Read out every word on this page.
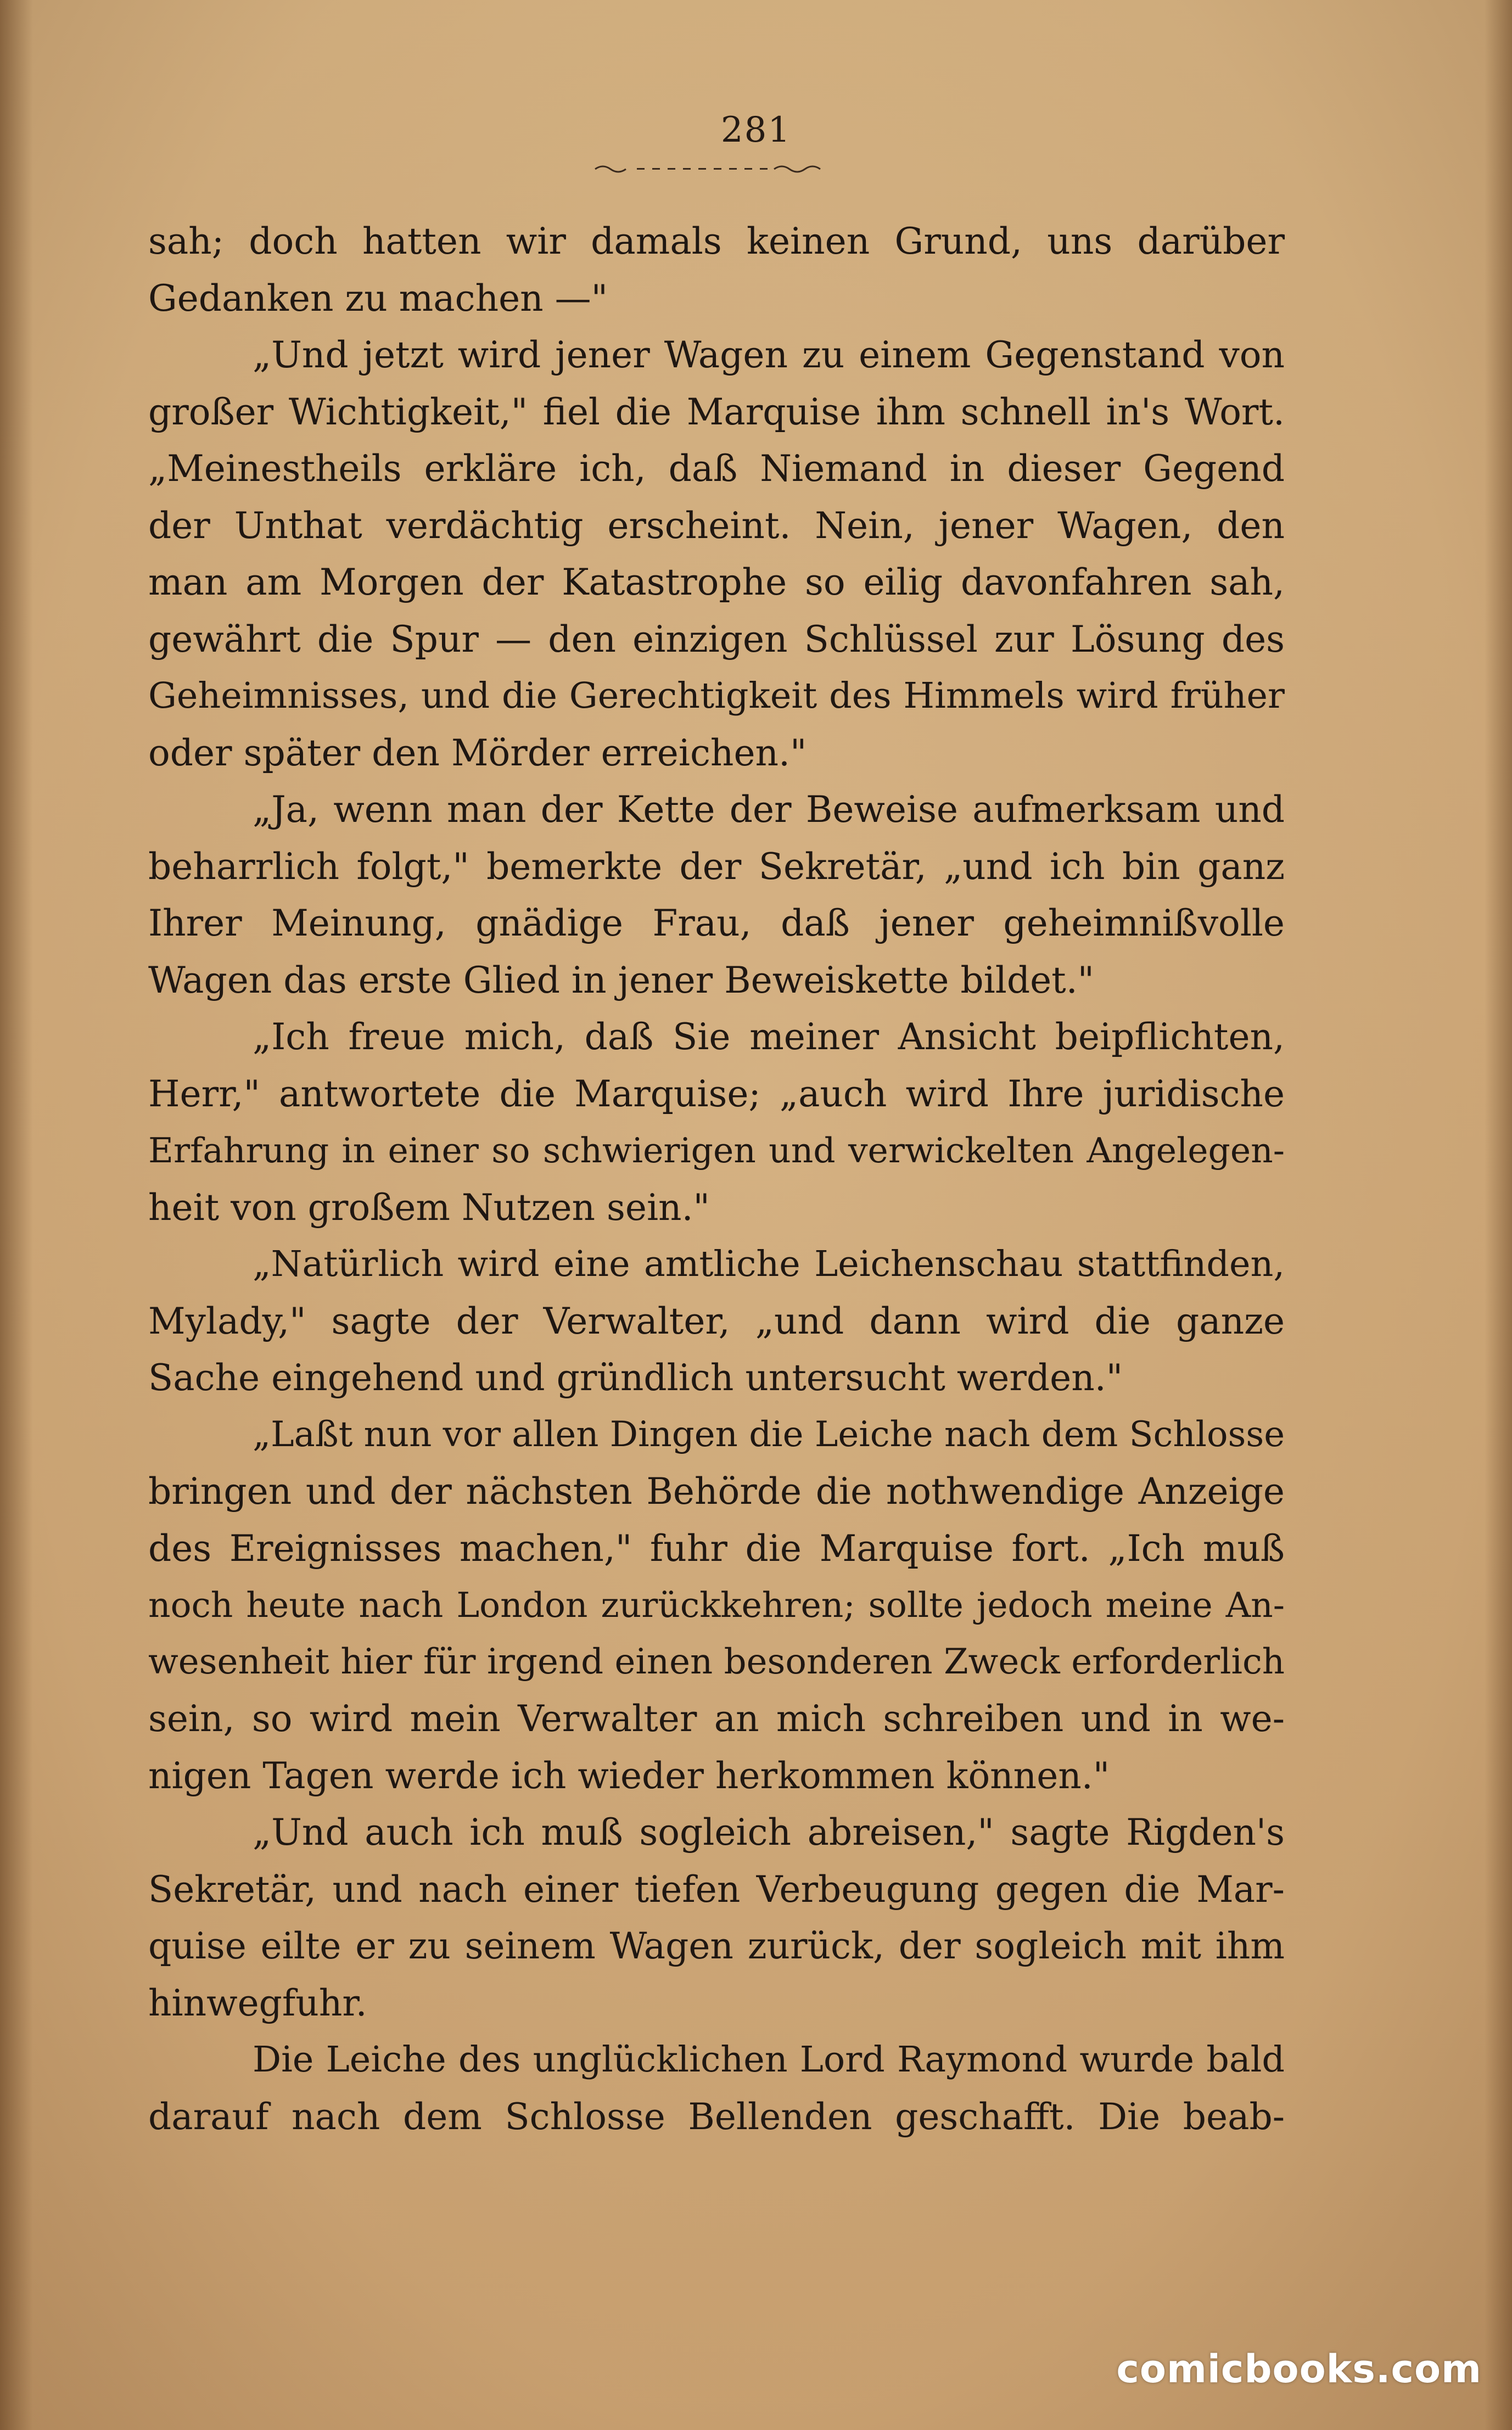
281
sah; doch hatten wir damals keinen Grund, uns darüber
Gedanken zu machen —"
„Und jetzt wird jener Wagen zu einem Gegenstand von
großer Wichtigkeit," fiel die Marquise ihm schnell in's Wort.
„Meinestheils erkläre ich, daß Niemand in dieser Gegend
der Unthat verdächtig erscheint. Nein, jener Wagen, den
man am Morgen der Katastrophe so eilig davonfahren sah,
gewährt die Spur — den einzigen Schlüssel zur Lösung des
Geheimnisses, und die Gerechtigkeit des Himmels wird früher
oder später den Mörder erreichen."
„Ja, wenn man der Kette der Beweise aufmerksam und
beharrlich folgt," bemerkte der Sekretär, „und ich bin ganz
Ihrer Meinung, gnädige Frau, daß jener geheimnißvolle
Wagen das erste Glied in jener Beweiskette bildet."
„Ich freue mich, daß Sie meiner Ansicht beipflichten,
Herr," antwortete die Marquise; „auch wird Ihre juridische
Erfahrung in einer so schwierigen und verwickelten Angelegen-
heit von großem Nutzen sein."
„Natürlich wird eine amtliche Leichenschau stattfinden,
Mylady," sagte der Verwalter, „und dann wird die ganze
Sache eingehend und gründlich untersucht werden."
„Laßt nun vor allen Dingen die Leiche nach dem Schlosse
bringen und der nächsten Behörde die nothwendige Anzeige
des Ereignisses machen," fuhr die Marquise fort. „Ich muß
noch heute nach London zurückkehren; sollte jedoch meine An-
wesenheit hier für irgend einen besonderen Zweck erforderlich
sein, so wird mein Verwalter an mich schreiben und in we-
nigen Tagen werde ich wieder herkommen können."
„Und auch ich muß sogleich abreisen," sagte Rigden's
Sekretär, und nach einer tiefen Verbeugung gegen die Mar-
quise eilte er zu seinem Wagen zurück, der sogleich mit ihm
hinwegfuhr.
Die Leiche des unglücklichen Lord Raymond wurde bald
darauf nach dem Schlosse Bellenden geschafft. Die beab-
comicbooks.com
